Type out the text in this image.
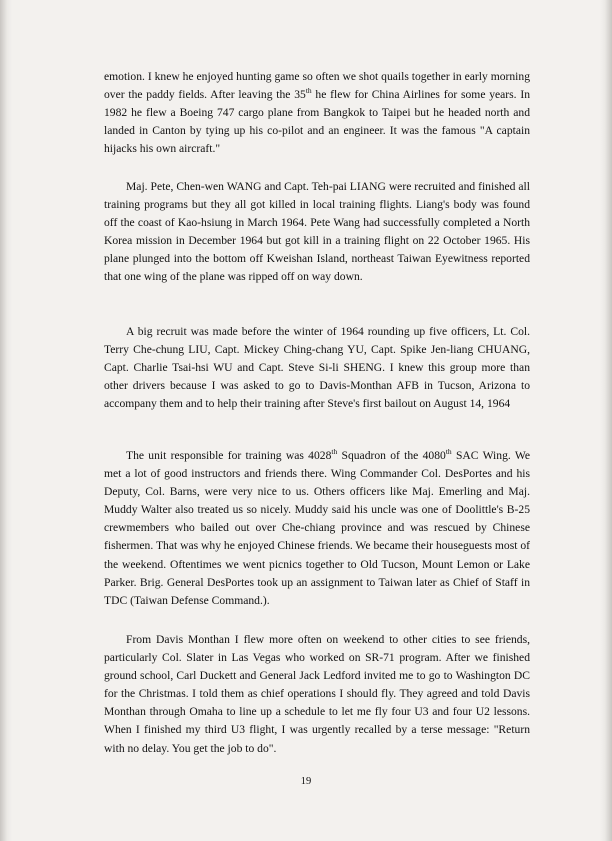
emotion. I knew he enjoyed hunting game so often we shot quails together in early morning over the paddy fields. After leaving the 35th he flew for China Airlines for some years. In 1982 he flew a Boeing 747 cargo plane from Bangkok to Taipei but he headed north and landed in Canton by tying up his co-pilot and an engineer. It was the famous "A captain hijacks his own aircraft."

Maj. Pete, Chen-wen WANG and Capt. Teh-pai LIANG were recruited and finished all training programs but they all got killed in local training flights. Liang's body was found off the coast of Kao-hsiung in March 1964. Pete Wang had successfully completed a North Korea mission in December 1964 but got kill in a training flight on 22 October 1965. His plane plunged into the bottom off Kweishan Island, northeast Taiwan Eyewitness reported that one wing of the plane was ripped off on way down.

A big recruit was made before the winter of 1964 rounding up five officers, Lt. Col. Terry Che-chung LIU, Capt. Mickey Ching-chang YU, Capt. Spike Jen-liang CHUANG, Capt. Charlie Tsai-hsi WU and Capt. Steve Si-li SHENG. I knew this group more than other drivers because I was asked to go to Davis-Monthan AFB in Tucson, Arizona to accompany them and to help their training after Steve's first bailout on August 14, 1964

The unit responsible for training was 4028th Squadron of the 4080th SAC Wing. We met a lot of good instructors and friends there. Wing Commander Col. DesPortes and his Deputy, Col. Barns, were very nice to us. Others officers like Maj. Emerling and Maj. Muddy Walter also treated us so nicely. Muddy said his uncle was one of Doolittle's B-25 crewmembers who bailed out over Che-chiang province and was rescued by Chinese fishermen. That was why he enjoyed Chinese friends. We became their houseguests most of the weekend. Oftentimes we went picnics together to Old Tucson, Mount Lemon or Lake Parker. Brig. General DesPortes took up an assignment to Taiwan later as Chief of Staff in TDC (Taiwan Defense Command.).

From Davis Monthan I flew more often on weekend to other cities to see friends, particularly Col. Slater in Las Vegas who worked on SR-71 program. After we finished ground school, Carl Duckett and General Jack Ledford invited me to go to Washington DC for the Christmas. I told them as chief operations I should fly. They agreed and told Davis Monthan through Omaha to line up a schedule to let me fly four U3 and four U2 lessons. When I finished my third U3 flight, I was urgently recalled by a terse message: "Return with no delay. You get the job to do".

19
